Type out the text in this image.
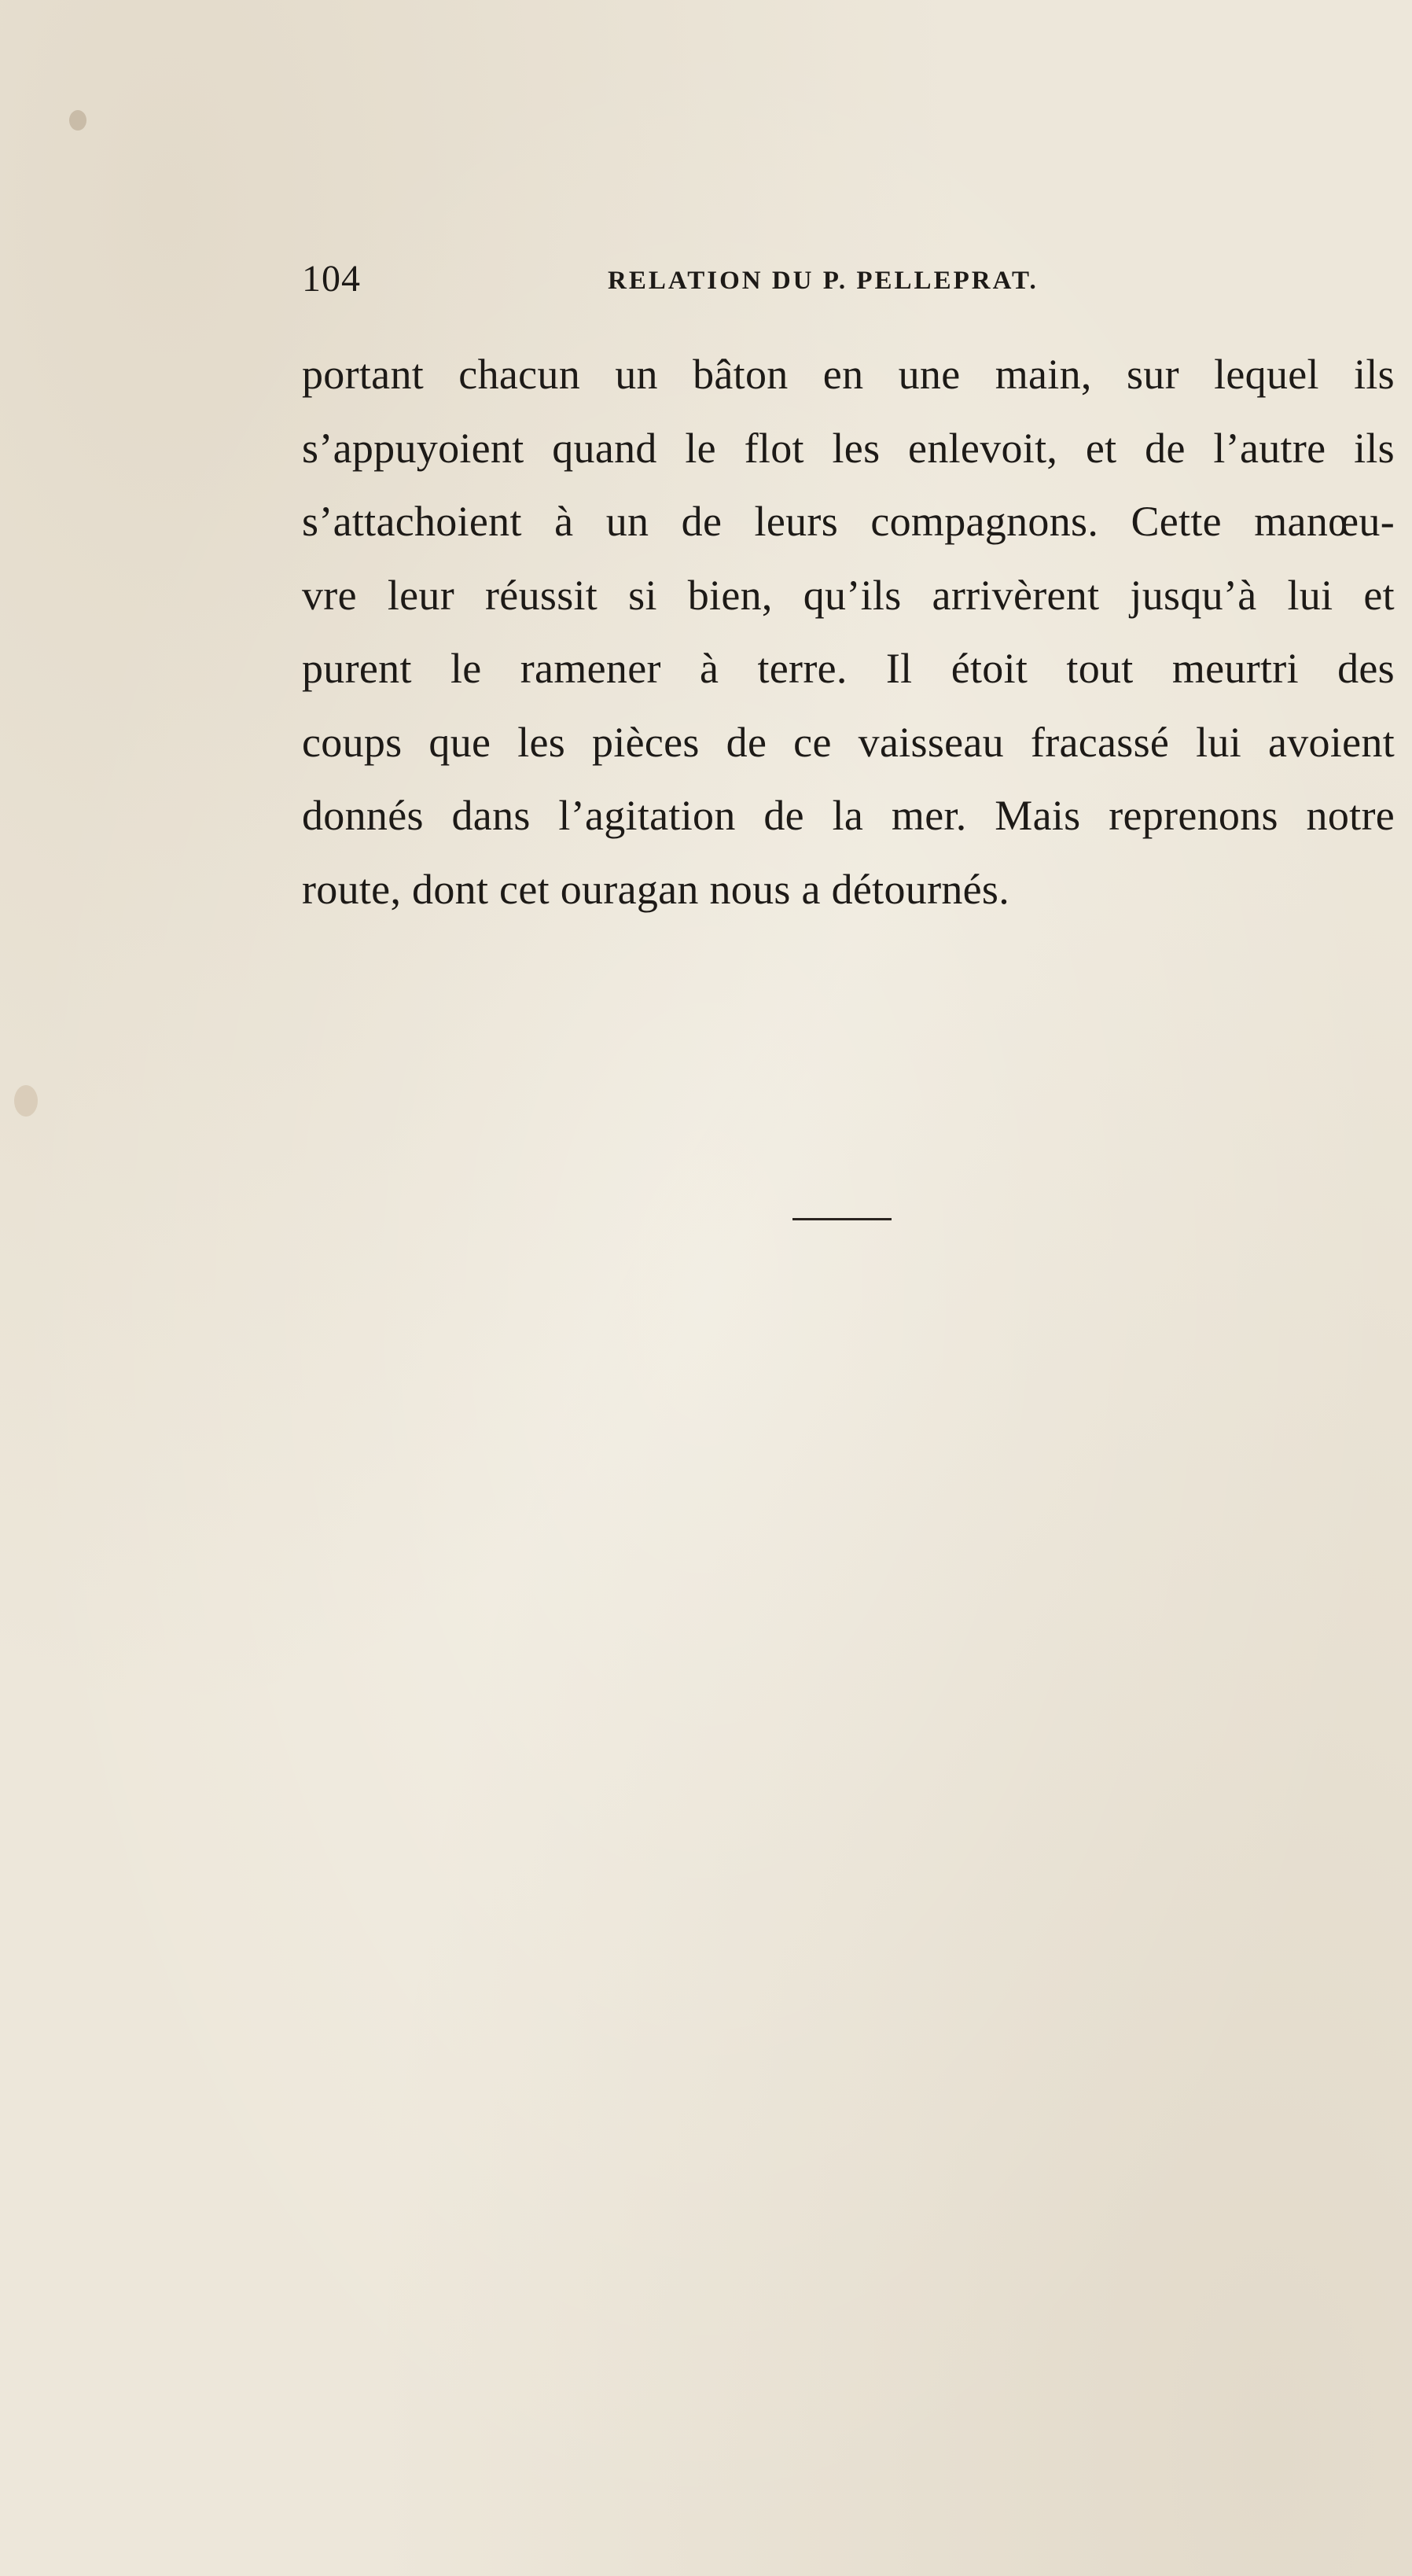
104	RELATION DU P. PELLEPRAT.
portant chacun un bâton en une main, sur lequel ils
s’appuyoient quand le flot les enlevoit, et de l’autre ils
s’attachoient à un de leurs compagnons. Cette manœu-
vre leur réussit si bien, qu’ils arrivèrent jusqu’à lui et
purent le ramener à terre. Il étoit tout meurtri des
coups que les pièces de ce vaisseau fracassé lui avoient
donnés dans l’agitation de la mer. Mais reprenons notre
route, dont cet ouragan nous a détournés.
